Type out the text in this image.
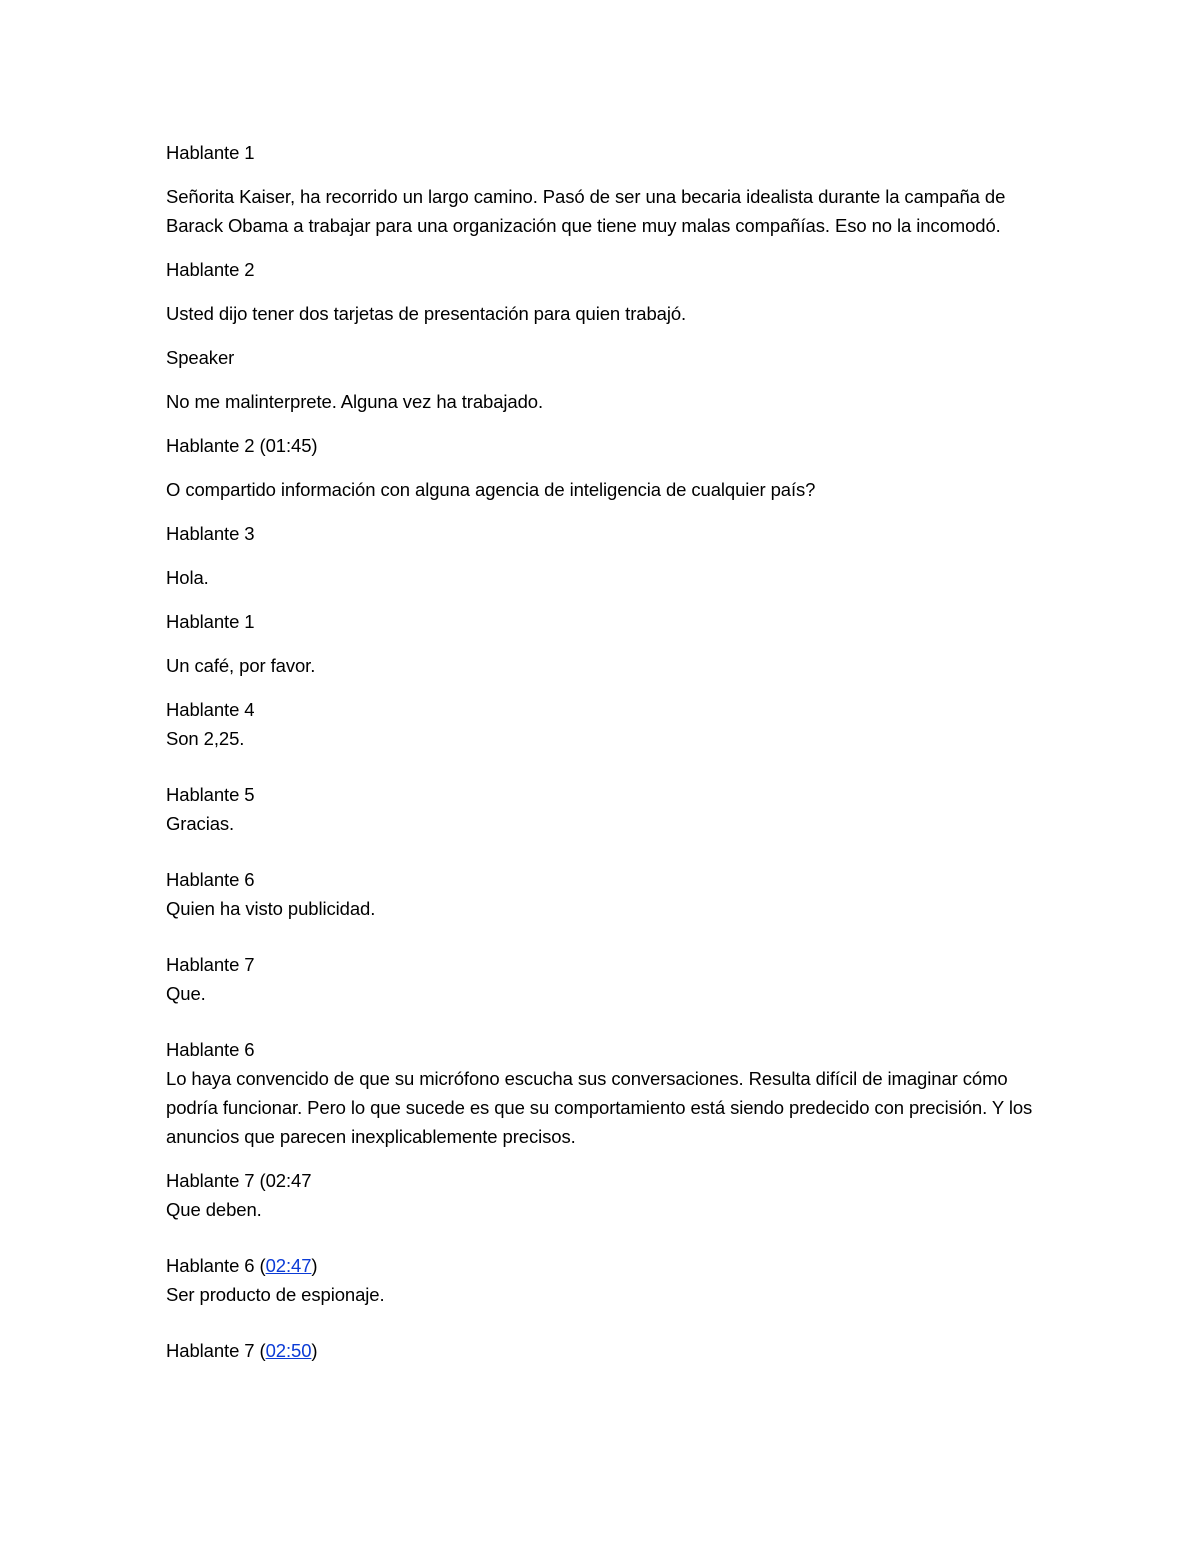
Hablante 1
Señorita Kaiser, ha recorrido un largo camino. Pasó de ser una becaria idealista durante la campaña de Barack Obama a trabajar para una organización que tiene muy malas compañías. Eso no la incomodó.
Hablante 2
Usted dijo tener dos tarjetas de presentación para quien trabajó.
Speaker
No me malinterprete. Alguna vez ha trabajado.
Hablante 2 (01:45)
O compartido información con alguna agencia de inteligencia de cualquier país?
Hablante 3
Hola.
Hablante 1
Un café, por favor.
Hablante 4
Son 2,25.
Hablante 5
Gracias.
Hablante 6
Quien ha visto publicidad.
Hablante 7
Que.
Hablante 6
Lo haya convencido de que su micrófono escucha sus conversaciones. Resulta difícil de imaginar cómo podría funcionar. Pero lo que sucede es que su comportamiento está siendo predecido con precisión. Y los anuncios que parecen inexplicablemente precisos.
Hablante 7 (02:47
Que deben.
Hablante 6 (02:47)
Ser producto de espionaje.
Hablante 7 (02:50)
